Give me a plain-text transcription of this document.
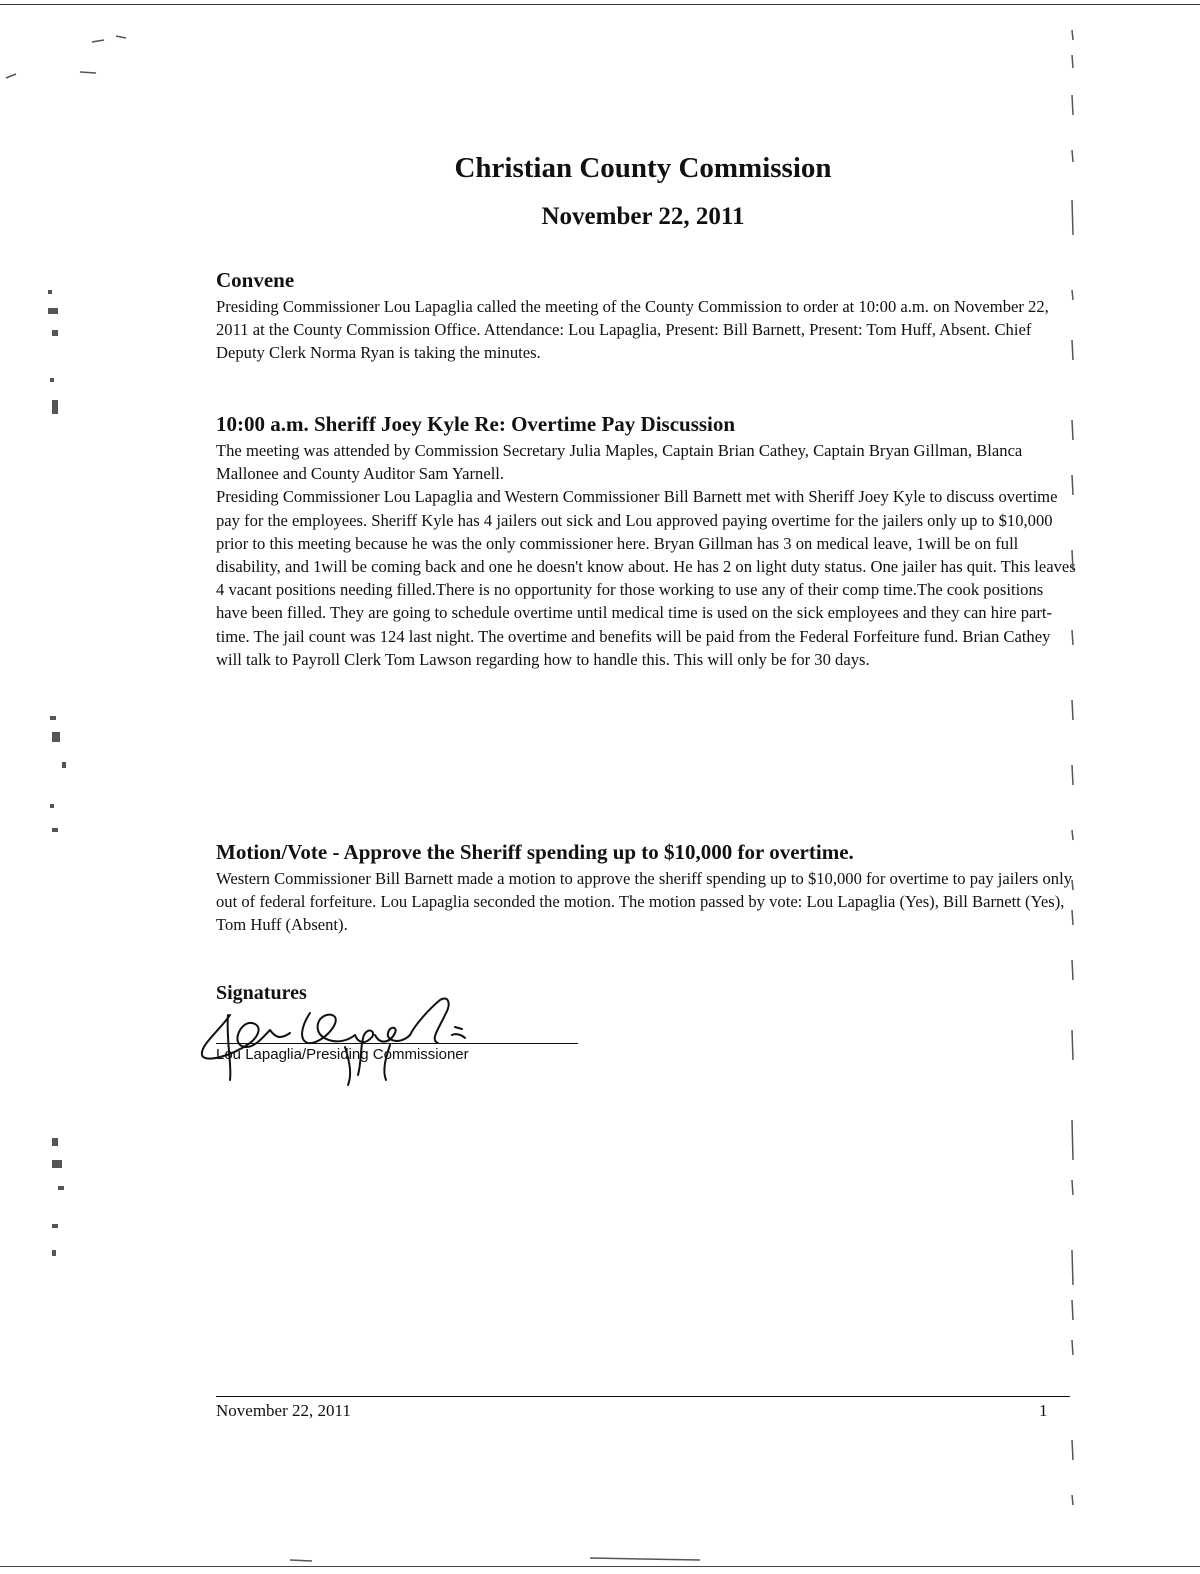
Christian County Commission
November 22, 2011
Convene

Presiding Commissioner Lou Lapaglia called the meeting of the County Commission to order at 10:00 a.m. on November 22, 2011 at the County Commission Office. Attendance: Lou Lapaglia, Present: Bill Barnett, Present: Tom Huff, Absent. Chief Deputy Clerk Norma Ryan is taking the minutes.

10:00 a.m. Sheriff Joey Kyle Re: Overtime Pay Discussion

The meeting was attended by Commission Secretary Julia Maples, Captain Brian Cathey, Captain Bryan Gillman, Blanca Mallonee and County Auditor Sam Yarnell.

Presiding Commissioner Lou Lapaglia and Western Commissioner Bill Barnett met with Sheriff Joey Kyle to discuss overtime pay for the employees. Sheriff Kyle has 4 jailers out sick and Lou approved paying overtime for the jailers only up to $10,000 prior to this meeting because he was the only commissioner here. Bryan Gillman has 3 on medical leave, 1will be on full disability, and 1will be coming back and one he doesn't know about. He has 2 on light duty status. One jailer has quit. This leaves 4 vacant positions needing filled.There is no opportunity for those working to use any of their comp time.The cook positions have been filled. They are going to schedule overtime until medical time is used on the sick employees and they can hire part-time. The jail count was 124 last night. The overtime and benefits will be paid from the Federal Forfeiture fund. Brian Cathey will talk to Payroll Clerk Tom Lawson regarding how to handle this. This will only be for 30 days.

Motion/Vote - Approve the Sheriff spending up to $10,000 for overtime.

Western Commissioner Bill Barnett made a motion to approve the sheriff spending up to $10,000 for overtime to pay jailers only out of federal forfeiture. Lou Lapaglia seconded the motion. The motion passed by vote: Lou Lapaglia (Yes), Bill Barnett (Yes), Tom Huff (Absent).

Signatures
Lou Lapaglia/Presiding Commissioner
November 22, 2011	1
